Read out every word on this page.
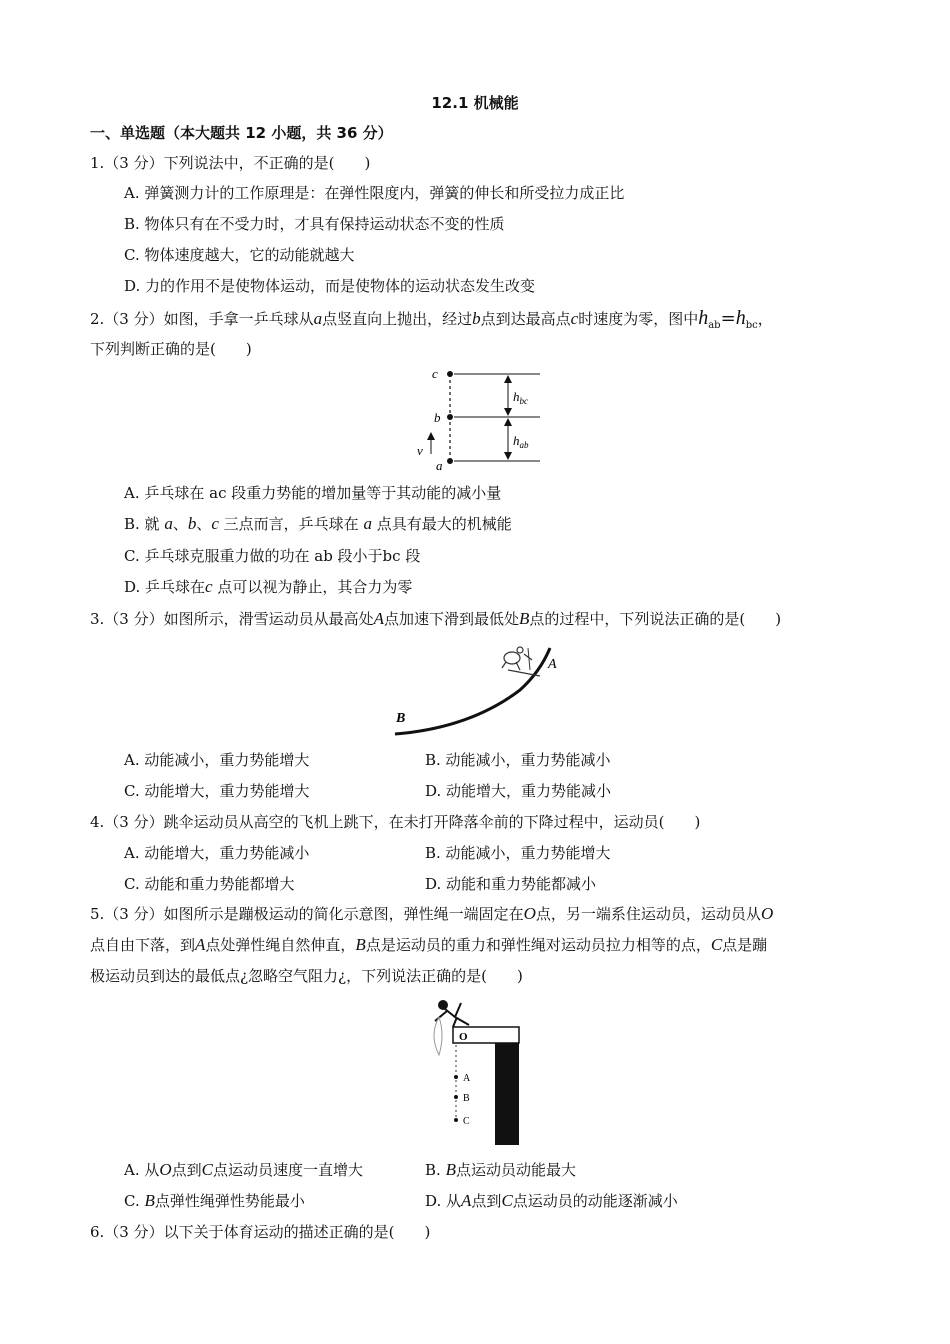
12.1 机械能
一、单选题（本大题共 12 小题，共 36 分）
1.（3 分）下列说法中，不正确的是(　　)
A. 弹簧测力计的工作原理是：在弹性限度内，弹簧的伸长和所受拉力成正比
B. 物体只有在不受力时，才具有保持运动状态不变的性质
C. 物体速度越大，它的动能就越大
D. 力的作用不是使物体运动，而是使物体的运动状态发生改变
2.（3 分）如图，手拿一乒乓球从a点竖直向上抛出，经过b点到达最高点c时速度为零，图中$h_{ab}=h_{bc}$，
下列判断正确的是(　　)
c
b
a
v
$h_{bc}$
$h_{ab}$
A. 乒乓球在 ac 段重力势能的增加量等于其动能的减小量
B. 就 a、b、c 三点而言，乒乓球在 a 点具有最大的机械能
C. 乒乓球克服重力做的功在 ab 段小于bc 段
D. 乒乓球在c 点可以视为静止，其合力为零
3.（3 分）如图所示，滑雪运动员从最高处A点加速下滑到最低处B点的过程中，下列说法正确的是(　　)
A
B
A. 动能减小，重力势能增大	B. 动能减小，重力势能减小
C. 动能增大，重力势能增大	D. 动能增大，重力势能减小
4.（3 分）跳伞运动员从高空的飞机上跳下，在未打开降落伞前的下降过程中，运动员(　　)
A. 动能增大，重力势能减小	B. 动能减小，重力势能增大
C. 动能和重力势能都增大	D. 动能和重力势能都减小
5.（3 分）如图所示是蹦极运动的简化示意图，弹性绳一端固定在O点，另一端系住运动员，运动员从O
点自由下落，到A点处弹性绳自然伸直，B点是运动员的重力和弹性绳对运动员拉力相等的点，C点是蹦
极运动员到达的最低点¿忽略空气阻力¿，下列说法正确的是(　　)
O
A
B
C
A. 从O点到C点运动员速度一直增大	B. B点运动员动能最大
C. B点弹性绳弹性势能最小	D. 从A点到C点运动员的动能逐渐减小
6.（3 分）以下关于体育运动的描述正确的是(　　)
